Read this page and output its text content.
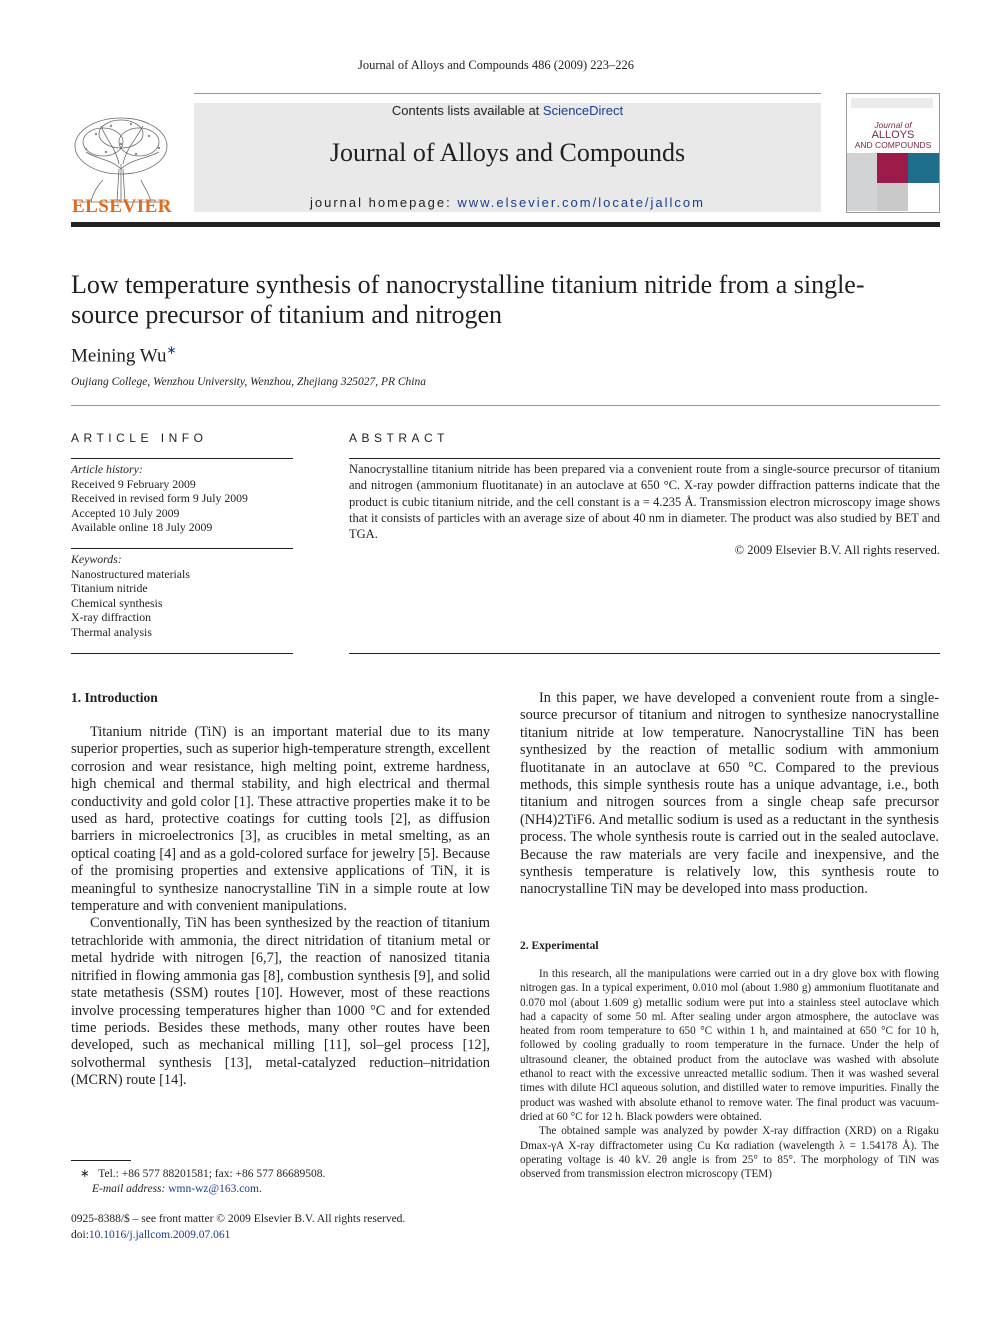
Journal of Alloys and Compounds 486 (2009) 223–226
ELSEVIER
Contents lists available at ScienceDirect
Journal of Alloys and Compounds
journal homepage: www.elsevier.com/locate/jallcom
Journal of
ALLOYS
AND COMPOUNDS
Low temperature synthesis of nanocrystalline titanium nitride from a single-source precursor of titanium and nitrogen
Meining Wu∗
Oujiang College, Wenzhou University, Wenzhou, Zhejiang 325027, PR China
ARTICLE INFO
Article history:
Received 9 February 2009
Received in revised form 9 July 2009
Accepted 10 July 2009
Available online 18 July 2009
Keywords:
Nanostructured materials
Titanium nitride
Chemical synthesis
X-ray diffraction
Thermal analysis
ABSTRACT
Nanocrystalline titanium nitride has been prepared via a convenient route from a single-source precursor of titanium and nitrogen (ammonium fluotitanate) in an autoclave at 650 °C. X-ray powder diffraction patterns indicate that the product is cubic titanium nitride, and the cell constant is a = 4.235 Å. Transmission electron microscopy image shows that it consists of particles with an average size of about 40 nm in diameter. The product was also studied by BET and TGA.
© 2009 Elsevier B.V. All rights reserved.
1. Introduction

Titanium nitride (TiN) is an important material due to its many superior properties, such as superior high-temperature strength, excellent corrosion and wear resistance, high melting point, extreme hardness, high chemical and thermal stability, and high electrical and thermal conductivity and gold color [1]. These attractive properties make it to be used as hard, protective coatings for cutting tools [2], as diffusion barriers in microelectronics [3], as crucibles in metal smelting, as an optical coating [4] and as a gold-colored surface for jewelry [5]. Because of the promising properties and extensive applications of TiN, it is meaningful to synthesize nanocrystalline TiN in a simple route at low temperature and with convenient manipulations.

Conventionally, TiN has been synthesized by the reaction of titanium tetrachloride with ammonia, the direct nitridation of titanium metal or metal hydride with nitrogen [6,7], the reaction of nanosized titania nitrified in flowing ammonia gas [8], combustion synthesis [9], and solid state metathesis (SSM) routes [10]. However, most of these reactions involve processing temperatures higher than 1000 °C and for extended time periods. Besides these methods, many other routes have been developed, such as mechanical milling [11], sol–gel process [12], solvothermal synthesis [13], metal-catalyzed reduction–nitridation (MCRN) route [14].

∗ Tel.: +86 577 88201581; fax: +86 577 86689508.
E-mail address: wmn-wz@163.com.
0925-8388/$ – see front matter © 2009 Elsevier B.V. All rights reserved.
doi:10.1016/j.jallcom.2009.07.061

In this paper, we have developed a convenient route from a single-source precursor of titanium and nitrogen to synthesize nanocrystalline titanium nitride at low temperature. Nanocrystalline TiN has been synthesized by the reaction of metallic sodium with ammonium fluotitanate in an autoclave at 650 °C. Compared to the previous methods, this simple synthesis route has a unique advantage, i.e., both titanium and nitrogen sources from a single cheap safe precursor (NH4)2TiF6. And metallic sodium is used as a reductant in the synthesis process. The whole synthesis route is carried out in the sealed autoclave. Because the raw materials are very facile and inexpensive, and the synthesis temperature is relatively low, this synthesis route to nanocrystalline TiN may be developed into mass production.

2. Experimental

In this research, all the manipulations were carried out in a dry glove box with flowing nitrogen gas. In a typical experiment, 0.010 mol (about 1.980 g) ammonium fluotitanate and 0.070 mol (about 1.609 g) metallic sodium were put into a stainless steel autoclave which had a capacity of some 50 ml. After sealing under argon atmosphere, the autoclave was heated from room temperature to 650 °C within 1 h, and maintained at 650 °C for 10 h, followed by cooling gradually to room temperature in the furnace. Under the help of ultrasound cleaner, the obtained product from the autoclave was washed with absolute ethanol to react with the excessive unreacted metallic sodium. Then it was washed several times with dilute HCl aqueous solution, and distilled water to remove impurities. Finally the product was washed with absolute ethanol to remove water. The final product was vacuum-dried at 60 °C for 12 h. Black powders were obtained.

The obtained sample was analyzed by powder X-ray diffraction (XRD) on a Rigaku Dmax-γA X-ray diffractometer using Cu Kα radiation (wavelength λ = 1.54178 Å). The operating voltage is 40 kV. 2θ angle is from 25° to 85°. The morphology of TiN was observed from transmission electron microscopy (TEM)
